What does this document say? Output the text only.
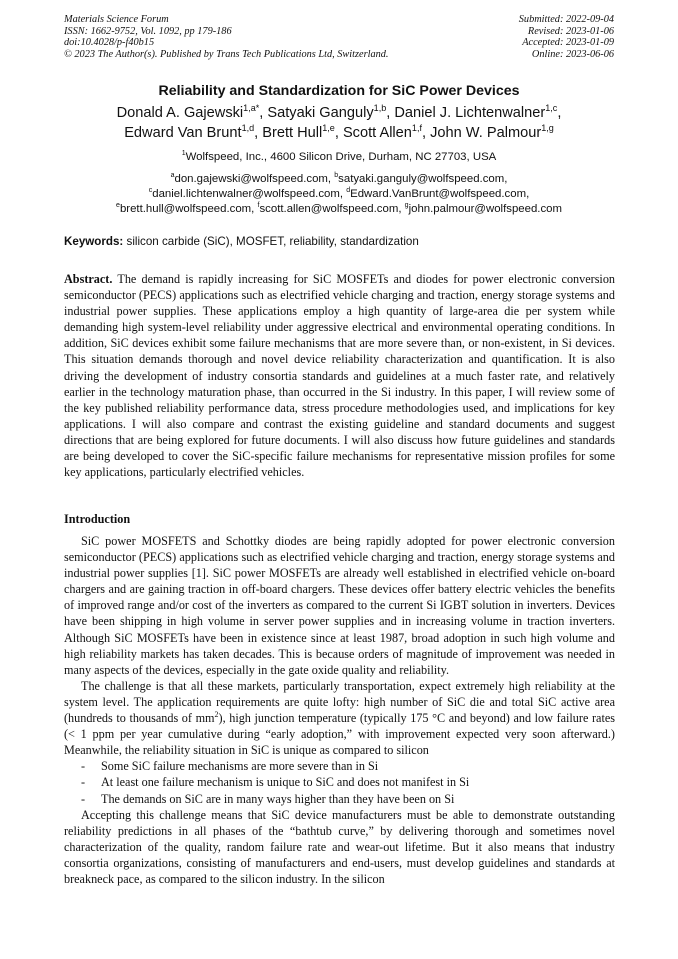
Materials Science Forum
ISSN: 1662-9752, Vol. 1092, pp 179-186
doi:10.4028/p-f40b15
© 2023 The Author(s). Published by Trans Tech Publications Ltd, Switzerland.
Submitted: 2022-09-04
Revised: 2023-01-06
Accepted: 2023-01-09
Online: 2023-06-06
Reliability and Standardization for SiC Power Devices
Donald A. Gajewski$^{1,a*}$, Satyaki Ganguly$^{1,b}$, Daniel J. Lichtenwalner$^{1,c}$,
Edward Van Brunt$^{1,d}$, Brett Hull$^{1,e}$, Scott Allen$^{1,f}$, John W. Palmour$^{1,g}$
$^1$Wolfspeed, Inc., 4600 Silicon Drive, Durham, NC 27703, USA
$^a$don.gajewski@wolfspeed.com, $^b$satyaki.ganguly@wolfspeed.com,
$^c$daniel.lichtenwalner@wolfspeed.com, $^d$Edward.VanBrunt@wolfspeed.com,
$^e$brett.hull@wolfspeed.com, $^f$scott.allen@wolfspeed.com, $^g$john.palmour@wolfspeed.com
Keywords: silicon carbide (SiC), MOSFET, reliability, standardization
Abstract. The demand is rapidly increasing for SiC MOSFETs and diodes for power electronic conversion semiconductor (PECS) applications such as electrified vehicle charging and traction, energy storage systems and industrial power supplies. These applications employ a high quantity of large-area die per system while demanding high system-level reliability under aggressive electrical and environmental operating conditions. In addition, SiC devices exhibit some failure mechanisms that are more severe than, or non-existent, in Si devices. This situation demands thorough and novel device reliability characterization and quantification. It is also driving the development of industry consortia standards and guidelines at a much faster rate, and relatively earlier in the technology maturation phase, than occurred in the Si industry. In this paper, I will review some of the key published reliability performance data, stress procedure methodologies used, and implications for key applications. I will also compare and contrast the existing guideline and standard documents and suggest directions that are being explored for future documents. I will also discuss how future guidelines and standards are being developed to cover the SiC-specific failure mechanisms for representative mission profiles for some key applications, particularly electrified vehicles.
Introduction

SiC power MOSFETS and Schottky diodes are being rapidly adopted for power electronic conversion semiconductor (PECS) applications such as electrified vehicle charging and traction, energy storage systems and industrial power supplies [1]. SiC power MOSFETs are already well established in electrified vehicle on-board chargers and are gaining traction in off-board chargers. These devices offer battery electric vehicles the benefits of improved range and/or cost of the inverters as compared to the current Si IGBT solution in inverters. Devices have been shipping in high volume in server power supplies and in increasing volume in traction inverters. Although SiC MOSFETs have been in existence since at least 1987, broad adoption in such high volume and high reliability markets has taken decades. This is because orders of magnitude of improvement was needed in many aspects of the devices, especially in the gate oxide quality and reliability.

The challenge is that all these markets, particularly transportation, expect extremely high reliability at the system level. The application requirements are quite lofty: high number of SiC die and total SiC active area (hundreds to thousands of $mm^2$), high junction temperature (typically 175 °C and beyond) and low failure rates (< 1 ppm per year cumulative during “early adoption,” with improvement expected very soon afterward.) Meanwhile, the reliability situation in SiC is unique as compared to silicon

- Some SiC failure mechanisms are more severe than in Si
- At least one failure mechanism is unique to SiC and does not manifest in Si
- The demands on SiC are in many ways higher than they have been on Si

Accepting this challenge means that SiC device manufacturers must be able to demonstrate outstanding reliability predictions in all phases of the “bathtub curve,” by delivering thorough and sometimes novel characterization of the quality, random failure rate and wear-out lifetime. But it also means that industry consortia organizations, consisting of manufacturers and end-users, must develop guidelines and standards at breakneck pace, as compared to the silicon industry. In the silicon
